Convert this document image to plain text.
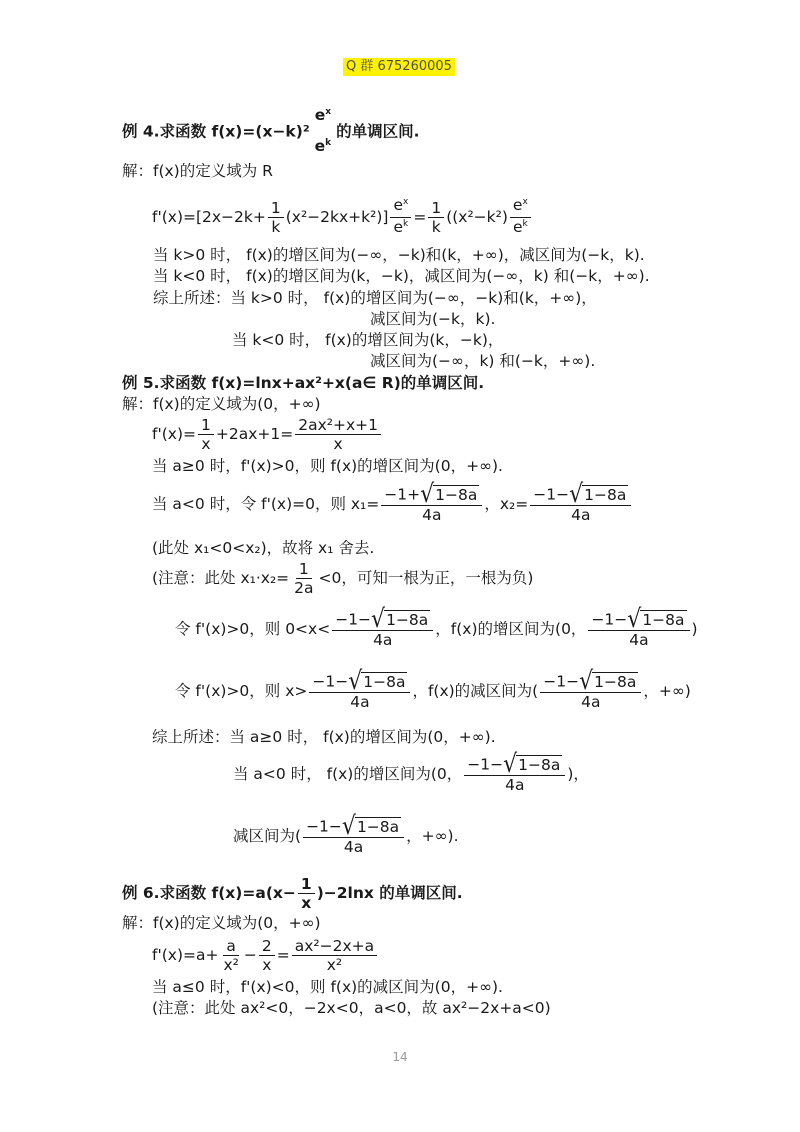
Q 群 675260005
14
例 4.求函数 f(x)=(x−k)²
$e^x$
$e^k$
的单调区间.
解：f(x)的定义域为 R
$f'(x)=[2x-2k+ \frac{1}{k} (x^2-2kx+k^2)] \frac{e^x}{e^k} = \frac{1}{k} ((x^2-k^2) \frac{e^x}{e^k}$
当 k>0 时， f(x)的增区间为(−∞，−k)和(k，+∞)，减区间为(−k，k).
当 k<0 时， f(x)的增区间为(k，−k)，减区间为(−∞，k) 和(−k，+∞).
综上所述：当 k>0 时， f(x)的增区间为(−∞，−k)和(k，+∞)，
减区间为(−k，k).
当 k<0 时， f(x)的增区间为(k，−k)，
减区间为(−∞，k) 和(−k，+∞).
例 5.求函数 f(x)=lnx+ax²+x(a∈ R)的单调区间.
解：f(x)的定义域为(0，+∞)
$f'(x)= \frac{1}{x} +2ax+1= \frac{\text{2ax²+x+1}}{x}$
当 a≥0 时，f'(x)>0，则 f(x)的增区间为(0，+∞).
当 a<0 时，令 f'(x)=0，则 $x_1= \frac{-1+√1-8a}{4a}$ ，$x_2= \frac{-1-√1-8a}{4a}$
(此处 x₁<0<x₂)，故将 x₁ 舍去.
(注意：此处 $x_1\cdot x_2= \frac{1}{2a} <0$，可知一根为正，一根为负)
令 f'(x)>0，则 $0<x< \frac{-1-√1-8a}{4a}$ ，f(x)的增区间为(0， $\frac{-1-√1-8a}{4a}$ )
令 f'(x)>0，则 $x> \frac{-1-√1-8a}{4a}$ ，f(x)的减区间为( $\frac{-1-√1-8a}{4a}$ ，+∞)
综上所述：当 a≥0 时， f(x)的增区间为(0，+∞).
当 a<0 时， f(x)的增区间为(0， $\frac{-1-√1-8a}{4a}$ )，
减区间为( $\frac{-1-√1-8a}{4a}$ ，+∞).
例 6.求函数 $f(x)=a(x- \frac{1}{x} )-2\ln x$ 的单调区间.
解：f(x)的定义域为(0，+∞)
$f'(x)=a+ \frac{a}{\text{x²}} - \frac{2}{x} = \frac{\text{ax²−2x+a}}{\text{x²}}$
当 a≤0 时，f'(x)<0，则 f(x)的减区间为(0，+∞).
(注意：此处 ax²<0，−2x<0，a<0，故 ax²−2x+a<0)
